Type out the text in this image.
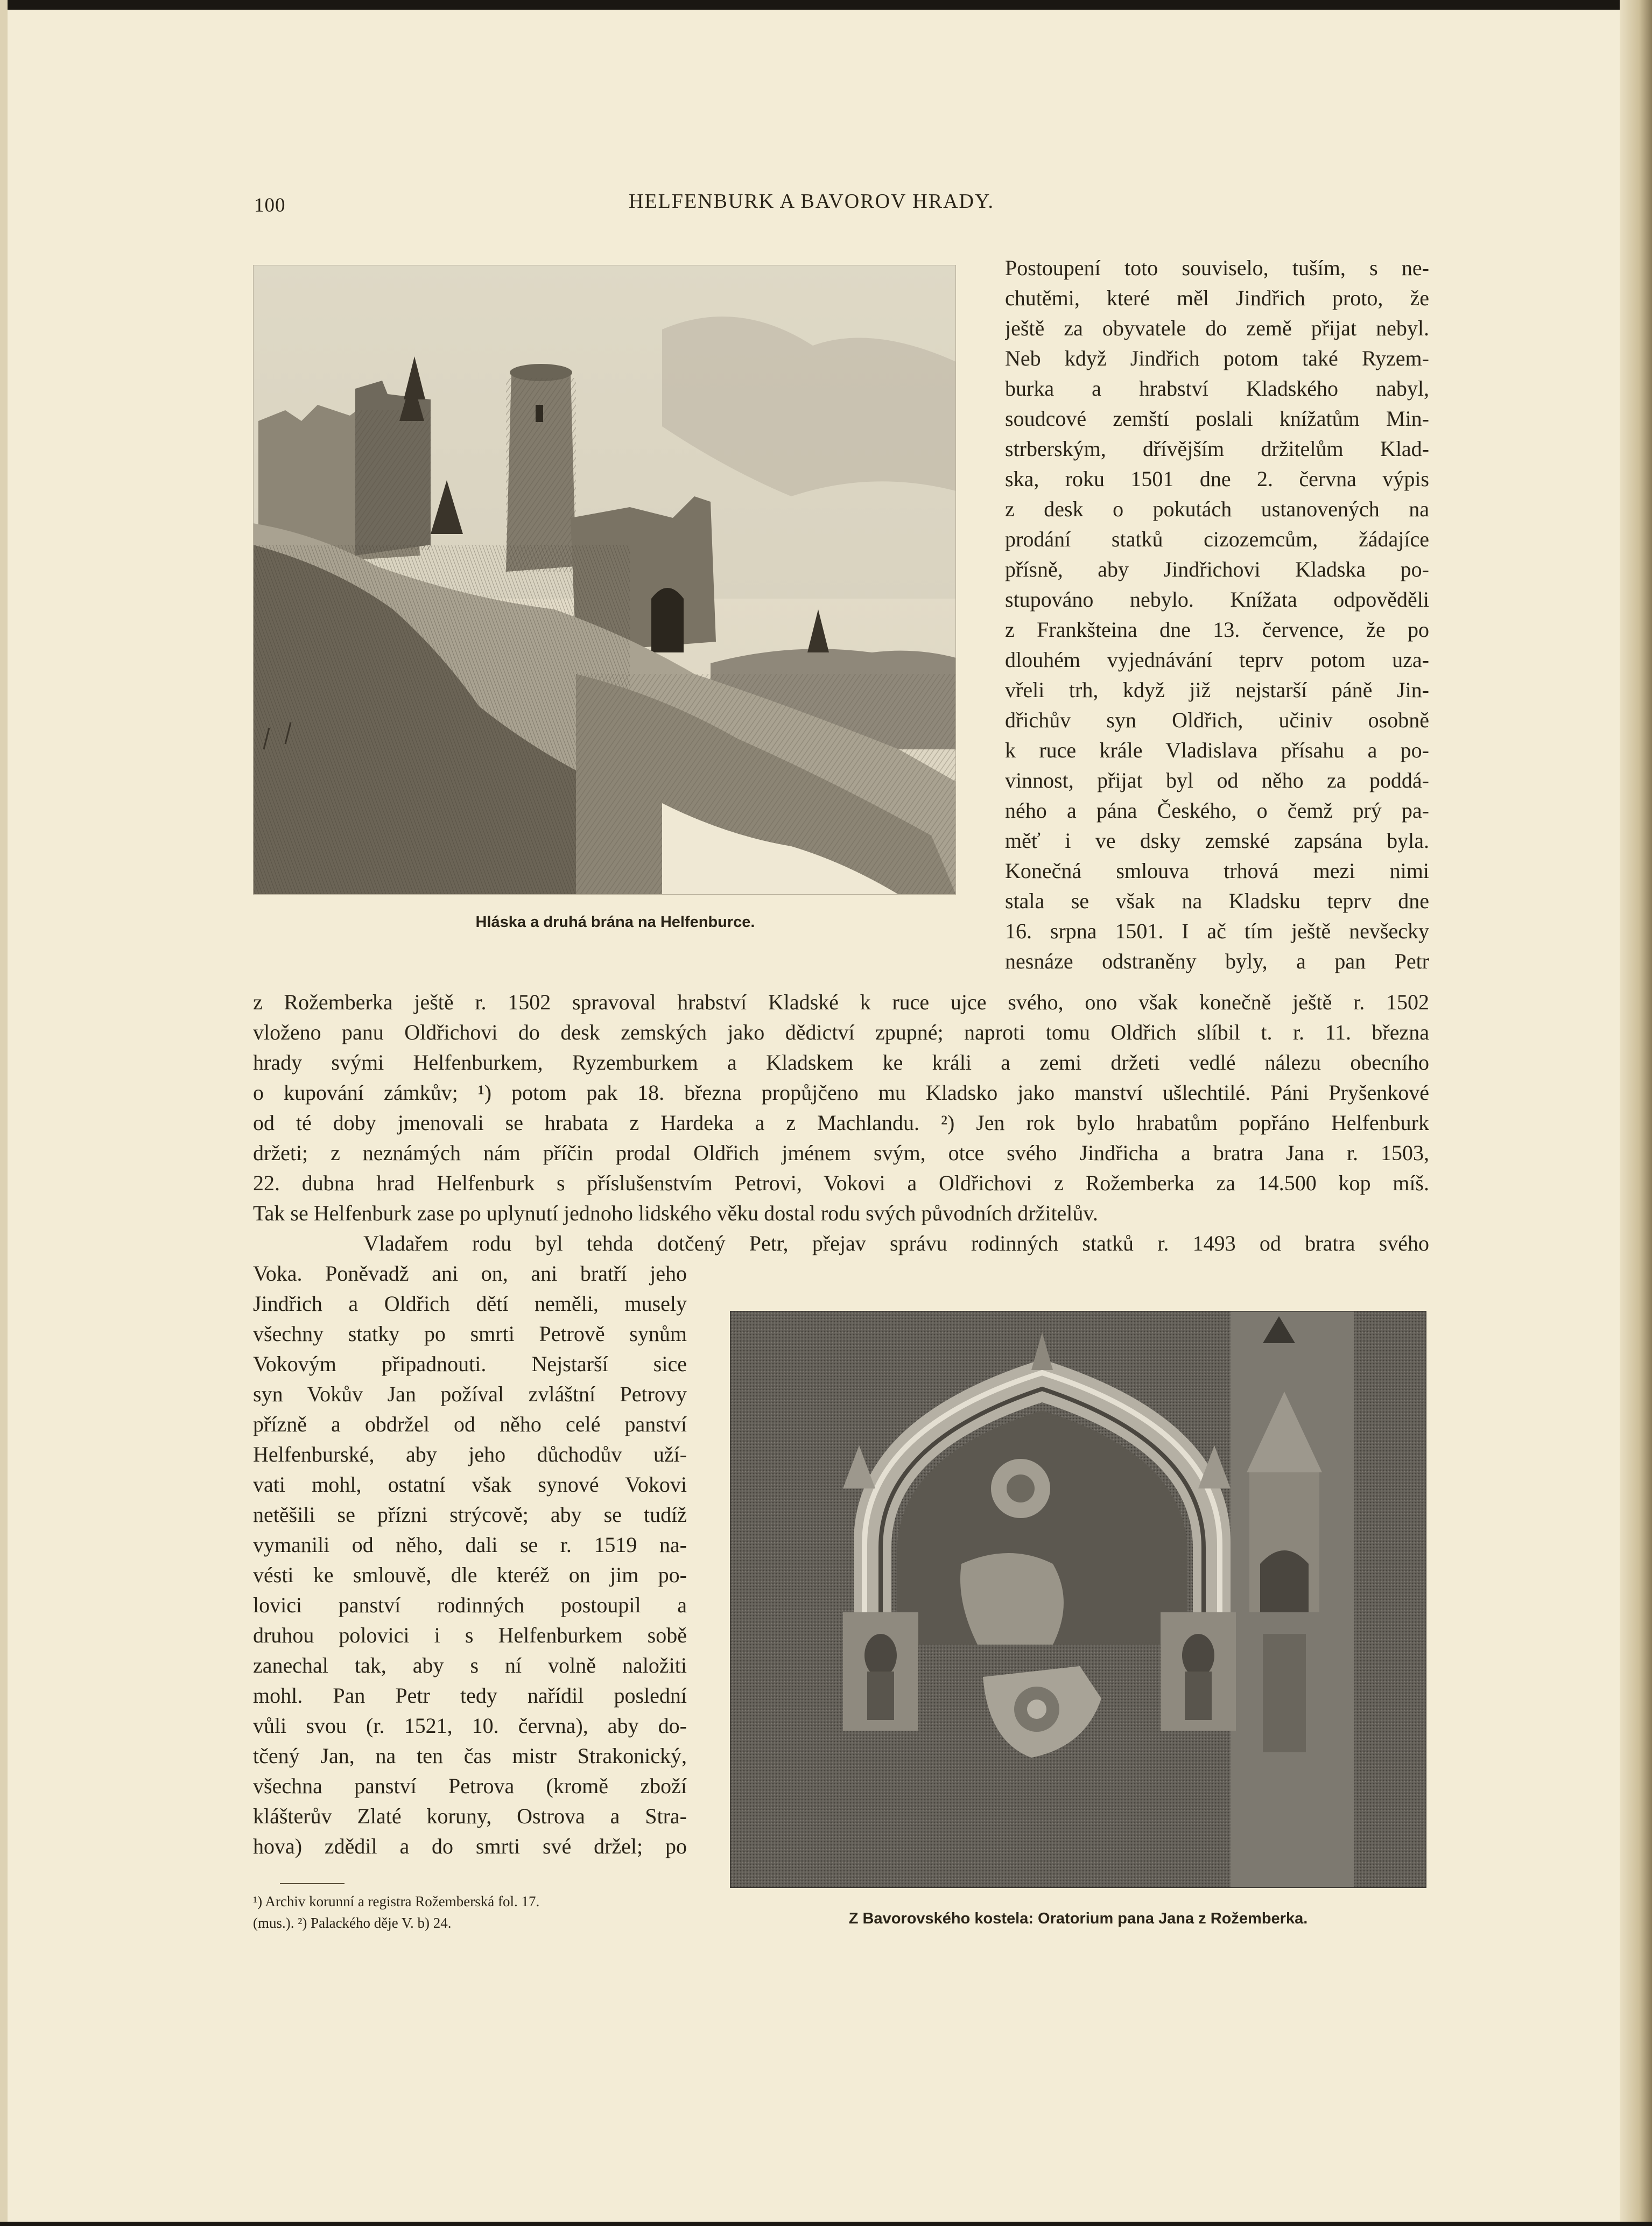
100	HELFENBURK A BAVOROV HRADY.
Hláska a druhá brána na Helfenburce.
Postoupení toto souviselo, tuším, s ne-
chutěmi, které měl Jindřich proto, že
ještě za obyvatele do země přijat nebyl.
Neb když Jindřich potom také Ryzem-
burka a hrabství Kladského nabyl,
soudcové zemští poslali knížatům Min-
strberským, dřívějším držitelům Klad-
ska, roku 1501 dne 2. června výpis
z desk o pokutách ustanovených na
prodání statků cizozemcům, žádajíce
přísně, aby Jindřichovi Kladska po-
stupováno nebylo. Knížata odpověděli
z Frankšteina dne 13. července, že po
dlouhém vyjednávání teprv potom uza-
vřeli trh, když již nejstarší páně Jin-
dřichův syn Oldřich, učiniv osobně
k ruce krále Vladislava přísahu a po-
vinnost, přijat byl od něho za poddá-
ného a pána Českého, o čemž prý pa-
měť i ve dsky zemské zapsána byla.
Konečná smlouva trhová mezi nimi
stala se však na Kladsku teprv dne
16. srpna 1501. I ač tím ještě nevšecky
nesnáze odstraněny byly, a pan Petr
z Rožemberka ještě r. 1502 spravoval hrabství Kladské k ruce ujce svého, ono však konečně ještě r. 1502
vloženo panu Oldřichovi do desk zemských jako dědictví zpupné; naproti tomu Oldřich slíbil t. r. 11. března
hrady svými Helfenburkem, Ryzemburkem a Kladskem ke králi a zemi držeti vedlé nálezu obecního
o kupování zámkův; ¹) potom pak 18. března propůjčeno mu Kladsko jako manství ušlechtilé. Páni Pryšenkové
od té doby jmenovali se hrabata z Hardeka a z Machlandu. ²) Jen rok bylo hrabatům popřáno Helfenburk
držeti; z neznámých nám příčin prodal Oldřich jménem svým, otce svého Jindřicha a bratra Jana r. 1503,
22. dubna hrad Helfenburk s příslušenstvím Petrovi, Vokovi a Oldřichovi z Rožemberka za 14.500 kop míš.
Tak se Helfenburk zase po uplynutí jednoho lidského věku dostal rodu svých původních držitelův.
Vladařem rodu byl tehda dotčený Petr, přejav správu rodinných statků r. 1493 od bratra svého
Voka. Poněvadž ani on, ani bratří jeho
Jindřich a Oldřich dětí neměli, musely
všechny statky po smrti Petrově synům
Vokovým připadnouti. Nejstarší sice
syn Vokův Jan požíval zvláštní Petrovy
přízně a obdržel od něho celé panství
Helfenburské, aby jeho důchodův uží-
vati mohl, ostatní však synové Vokovi
netěšili se přízni strýcově; aby se tudíž
vymanili od něho, dali se r. 1519 na-
vésti ke smlouvě, dle kteréž on jim po-
lovici panství rodinných postoupil a
druhou polovici i s Helfenburkem sobě
zanechal tak, aby s ní volně naložiti
mohl. Pan Petr tedy nařídil poslední
vůli svou (r. 1521, 10. června), aby do-
tčený Jan, na ten čas mistr Strakonický,
všechna panství Petrova (kromě zboží
klášterův Zlaté koruny, Ostrova a Stra-
hova) zdědil a do smrti své držel; po
Z Bavorovského kostela: Oratorium pana Jana z Rožemberka.
¹) Archiv korunní a registra Rožemberská fol. 17.
(mus.). ²) Palackého děje V. b) 24.
